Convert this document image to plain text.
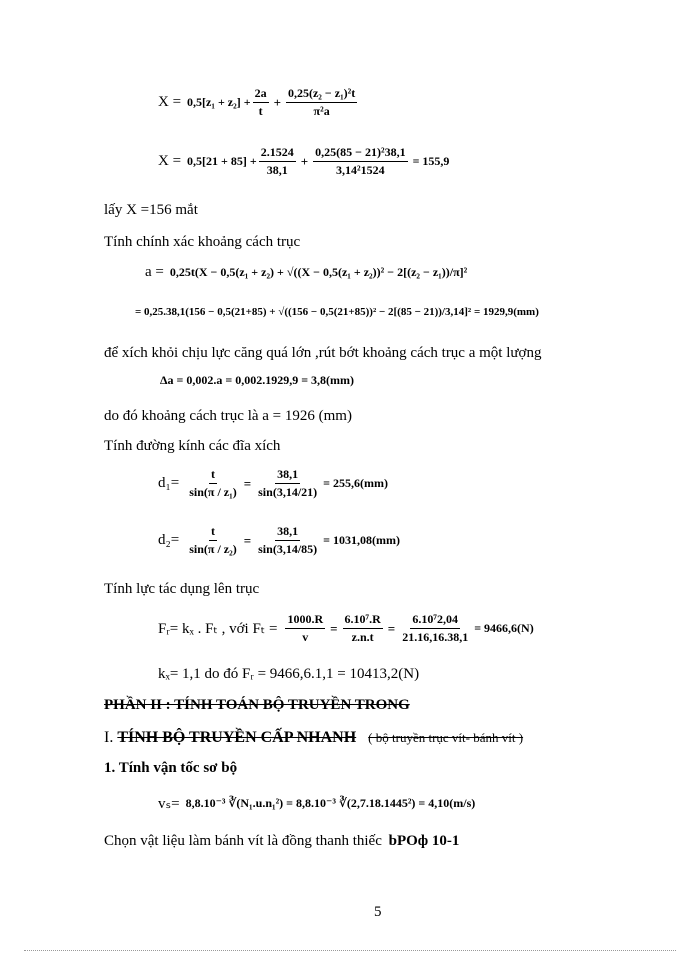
$X = 0,5[z_1 + z_2] + \frac{2a}{t} + \frac{\text{0,25(z₂ − z₁)²t}}{\text{π²a}}$
$X = 0,5[21 + 85] + \frac{2.1524}{38,1} + \frac{\text{0,25(85 − 21)²38,1}}{\text{3,14²1524}} = 155,9$
lấy X =156 mắt
Tính chính xác khoảng cách trục
a = 0,25t(X − 0,5(z₁ + z₂) + √((X − 0,5(z₁ + z₂))² − 2[(z₂ − z₁))/π]²
= 0,25.38,1(156 − 0,5(21+85) + √((156 − 0,5(21+85))² − 2[(85 − 21))/3,14]² = 1929,9(mm)
để xích khỏi chịu lực căng quá lớn ,rút bớt khoảng cách trục a một lượng
Δa = 0,002.a = 0,002.1929,9 = 3,8(mm)
do đó khoảng cách trục là a = 1926 (mm)
Tính đường kính các đĩa xích
$d_1= \frac{t}{\text{sin(π / z₁)}} = \frac{38,1}{\sin(3,14/21)} = 255,6(mm)$
$d_2= \frac{t}{\text{sin(π / z₂)}} = \frac{38,1}{\sin(3,14/85)} = 1031,08(mm)$
Tính lực tác dụng lên trục
Fᵣ= kₓ . Fₜ , với $F_t = \frac{1000.R}{v} = \frac{\text{6.10⁷.R}}{z.n.t} = \frac{\text{6.10⁷2,04}}{21.16,16.38,1} = 9466,6(N)$
kₓ= 1,1 do đó Fᵣ = 9466,6.1,1 = 10413,2(N)
PHẦN II : TÍNH TOÁN BỘ TRUYỀN TRONG
I. TÍNH BỘ TRUYỀN CẤP NHANH ( bộ truyền trục vít- bánh vít )
1. Tính vận tốc sơ bộ
vₛ= 8,8.10⁻³ ∛(N₁.u.n₁²) = 8,8.10⁻³ ∛(2,7.18.1445²) = 4,10(m/s)
Chọn vật liệu làm bánh vít là đồng thanh thiếc bPOф 10-1
5
